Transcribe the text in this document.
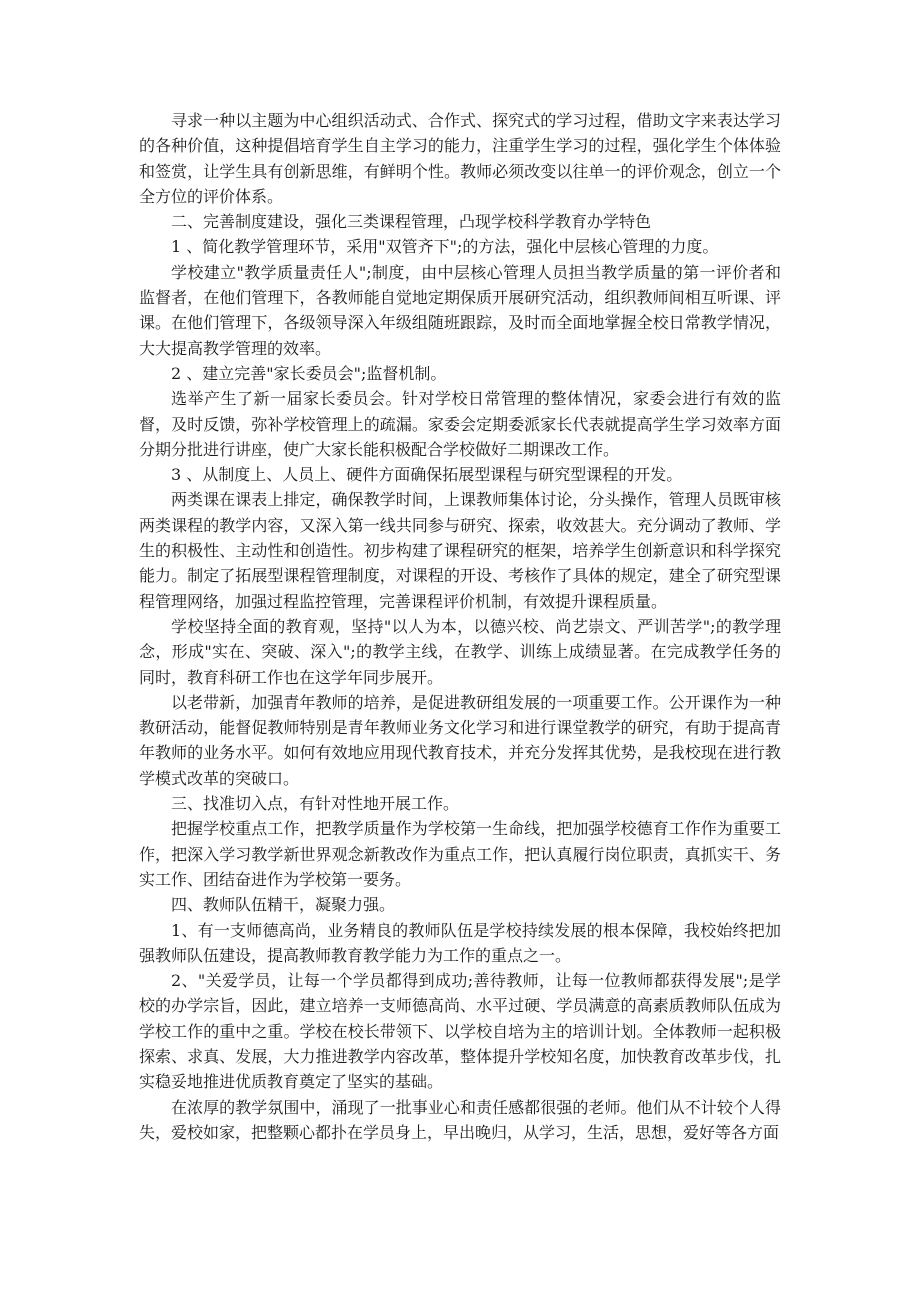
寻求一种以主题为中心组织活动式、合作式、探究式的学习过程，借助文字来表达学习的各种价值，这种提倡培育学生自主学习的能力，注重学生学习的过程，强化学生个体体验和签赏，让学生具有创新思维，有鲜明个性。教师必须改变以往单一的评价观念，创立一个全方位的评价体系。

二、完善制度建设，强化三类课程管理，凸现学校科学教育办学特色

1 、简化教学管理环节，采用"双管齐下";的方法，强化中层核心管理的力度。

学校建立"教学质量责任人";制度，由中层核心管理人员担当教学质量的第一评价者和监督者，在他们管理下，各教师能自觉地定期保质开展研究活动，组织教师间相互听课、评课。在他们管理下，各级领导深入年级组随班跟踪，及时而全面地掌握全校日常教学情况，大大提高教学管理的效率。

2 、建立完善"家长委员会";监督机制。

选举产生了新一届家长委员会。针对学校日常管理的整体情况，家委会进行有效的监督，及时反馈，弥补学校管理上的疏漏。家委会定期委派家长代表就提高学生学习效率方面分期分批进行讲座，使广大家长能积极配合学校做好二期课改工作。

3 、从制度上、人员上、硬件方面确保拓展型课程与研究型课程的开发。

两类课在课表上排定，确保教学时间，上课教师集体讨论，分头操作，管理人员既审核两类课程的教学内容，又深入第一线共同参与研究、探索，收效甚大。充分调动了教师、学生的积极性、主动性和创造性。初步构建了课程研究的框架，培养学生创新意识和科学探究能力。制定了拓展型课程管理制度，对课程的开设、考核作了具体的规定，建全了研究型课程管理网络，加强过程监控管理，完善课程评价机制，有效提升课程质量。

学校坚持全面的教育观，坚持"以人为本，以德兴校、尚艺崇文、严训苦学";的教学理念，形成"实在、突破、深入";的教学主线，在教学、训练上成绩显著。在完成教学任务的同时，教育科研工作也在这学年同步展开。

以老带新，加强青年教师的培养，是促进教研组发展的一项重要工作。公开课作为一种教研活动，能督促教师特别是青年教师业务文化学习和进行课堂教学的研究，有助于提高青年教师的业务水平。如何有效地应用现代教育技术，并充分发挥其优势，是我校现在进行教学模式改革的突破口。

三、找准切入点，有针对性地开展工作。

把握学校重点工作，把教学质量作为学校第一生命线，把加强学校德育工作作为重要工作，把深入学习教学新世界观念新教改作为重点工作，把认真履行岗位职责，真抓实干、务实工作、团结奋进作为学校第一要务。

四、教师队伍精干，凝聚力强。

1、有一支师德高尚，业务精良的教师队伍是学校持续发展的根本保障，我校始终把加强教师队伍建设，提高教师教育教学能力为工作的重点之一。

2、"关爱学员，让每一个学员都得到成功;善待教师，让每一位教师都获得发展";是学校的办学宗旨，因此，建立培养一支师德高尚、水平过硬、学员满意的高素质教师队伍成为学校工作的重中之重。学校在校长带领下、以学校自培为主的培训计划。全体教师一起积极探索、求真、发展，大力推进教学内容改革，整体提升学校知名度，加快教育改革步伐，扎实稳妥地推进优质教育奠定了坚实的基础。

在浓厚的教学氛围中，涌现了一批事业心和责任感都很强的老师。他们从不计较个人得失，爱校如家，把整颗心都扑在学员身上，早出晚归，从学习，生活，思想，爱好等各方面
